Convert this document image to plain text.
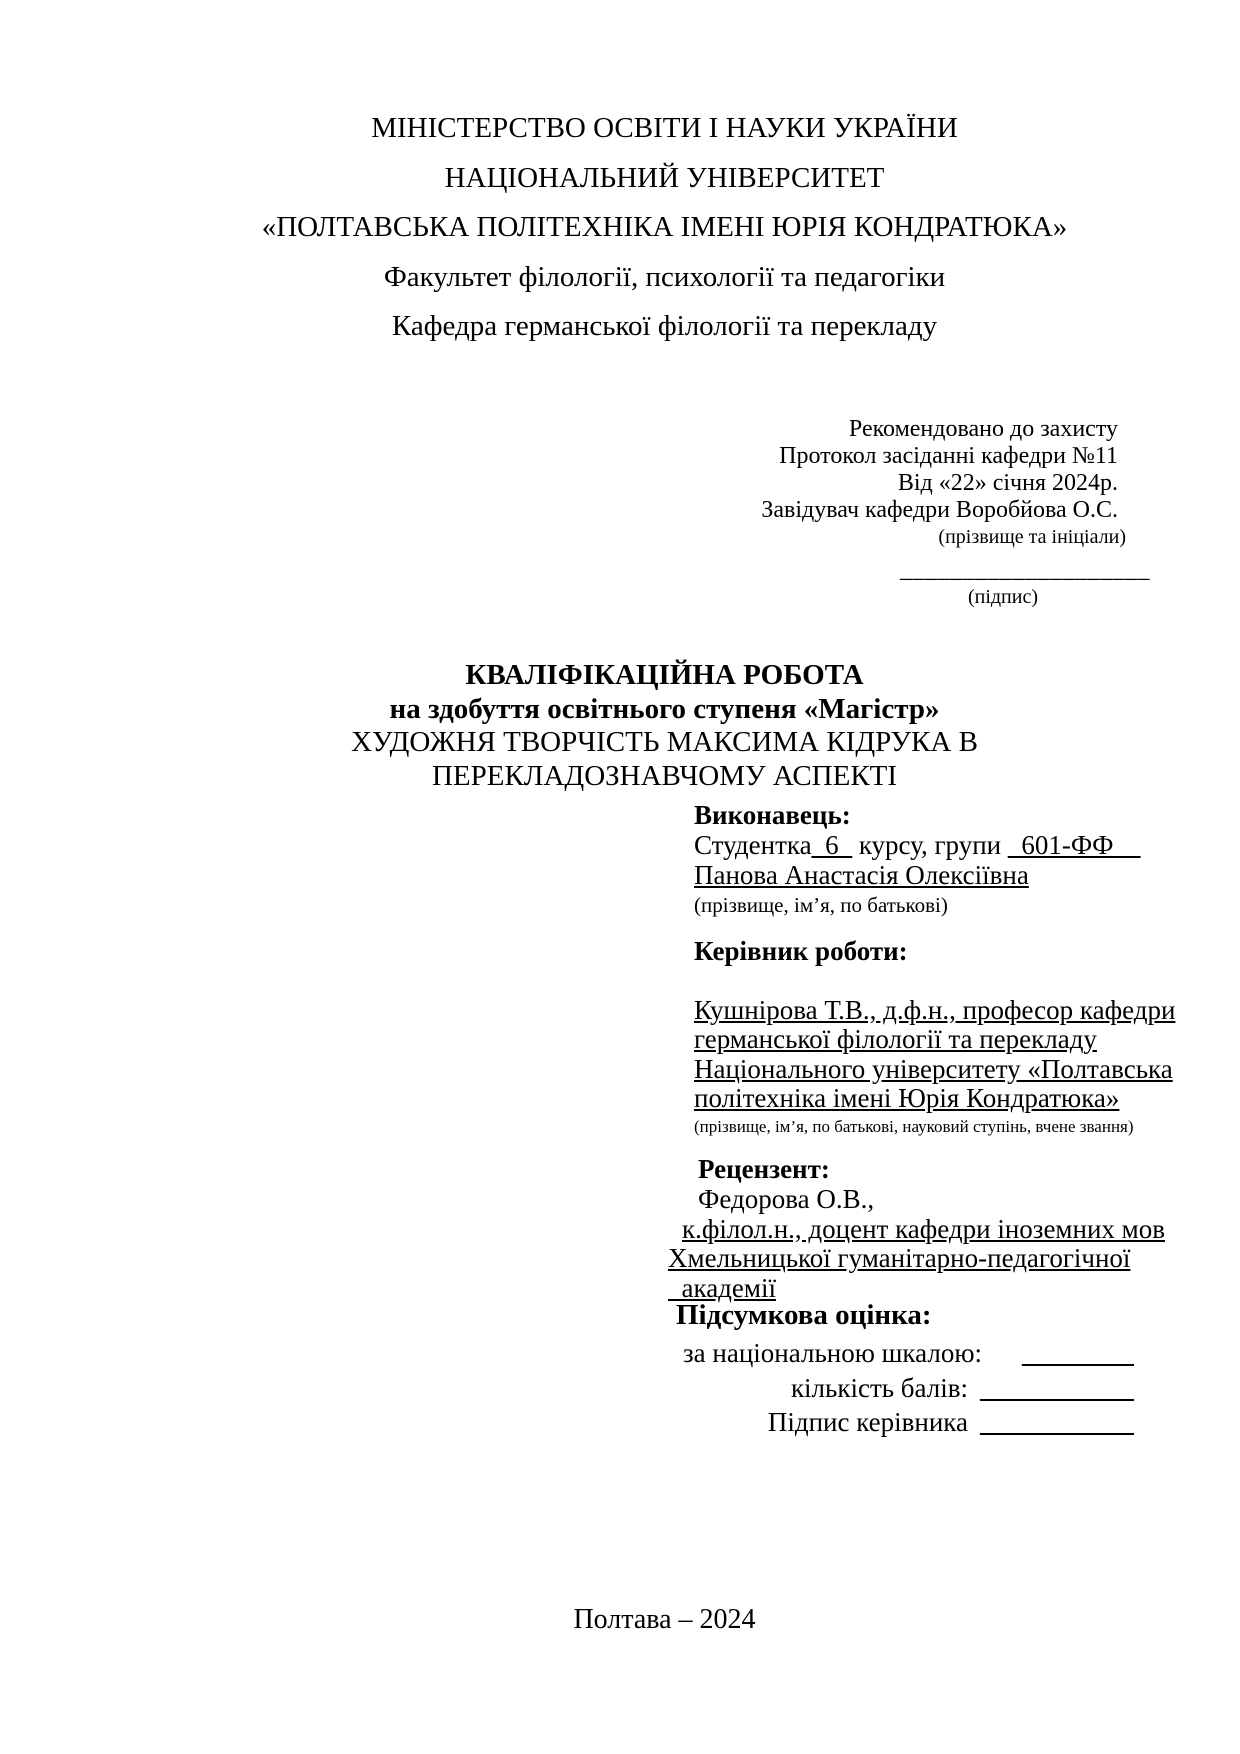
МІНІСТЕРСТВО ОСВІТИ І НАУКИ УКРАЇНИ
НАЦІОНАЛЬНИЙ УНІВЕРСИТЕТ
«ПОЛТАВСЬКА ПОЛІТЕХНІКА ІМЕНІ ЮРІЯ КОНДРАТЮКА»
Факультет філології, психології та педагогіки
Кафедра германської філології та перекладу
Рекомендовано до захисту
Протокол засіданні кафедри №11
Від «22» січня 2024р.
Завідувач кафедри Воробйова О.С.
(прізвище та ініціали)
____________________
(підпис)
КВАЛІФІКАЦІЙНА РОБОТА
на здобуття освітнього ступеня «Магістр»
ХУДОЖНЯ ТВОРЧІСТЬ МАКСИМА КІДРУКА В
ПЕРЕКЛАДОЗНАВЧОМУ АСПЕКТІ
Виконавець:
Студентка_6_ курсу, групи _601-ФФ__
Панова Анастасія Олексіївна
(прізвище, ім’я, по батькові)
Керівник роботи:
Кушнірова Т.В., д.ф.н., професор кафедри
германської філології та перекладу
Національного університету «Полтавська
політехніка імені Юрія Кондратюка»
(прізвище, ім’я, по батькові, науковий ступінь, вчене звання)
Рецензент:
Федорова О.В.,
к.філол.н., доцент кафедри іноземних мов
Хмельницької гуманітарно-педагогічної
академії
Підсумкова оцінка:
за національною шкалою: ________
кількість балів: ___________
Підпис керівника ___________
Полтава – 2024
